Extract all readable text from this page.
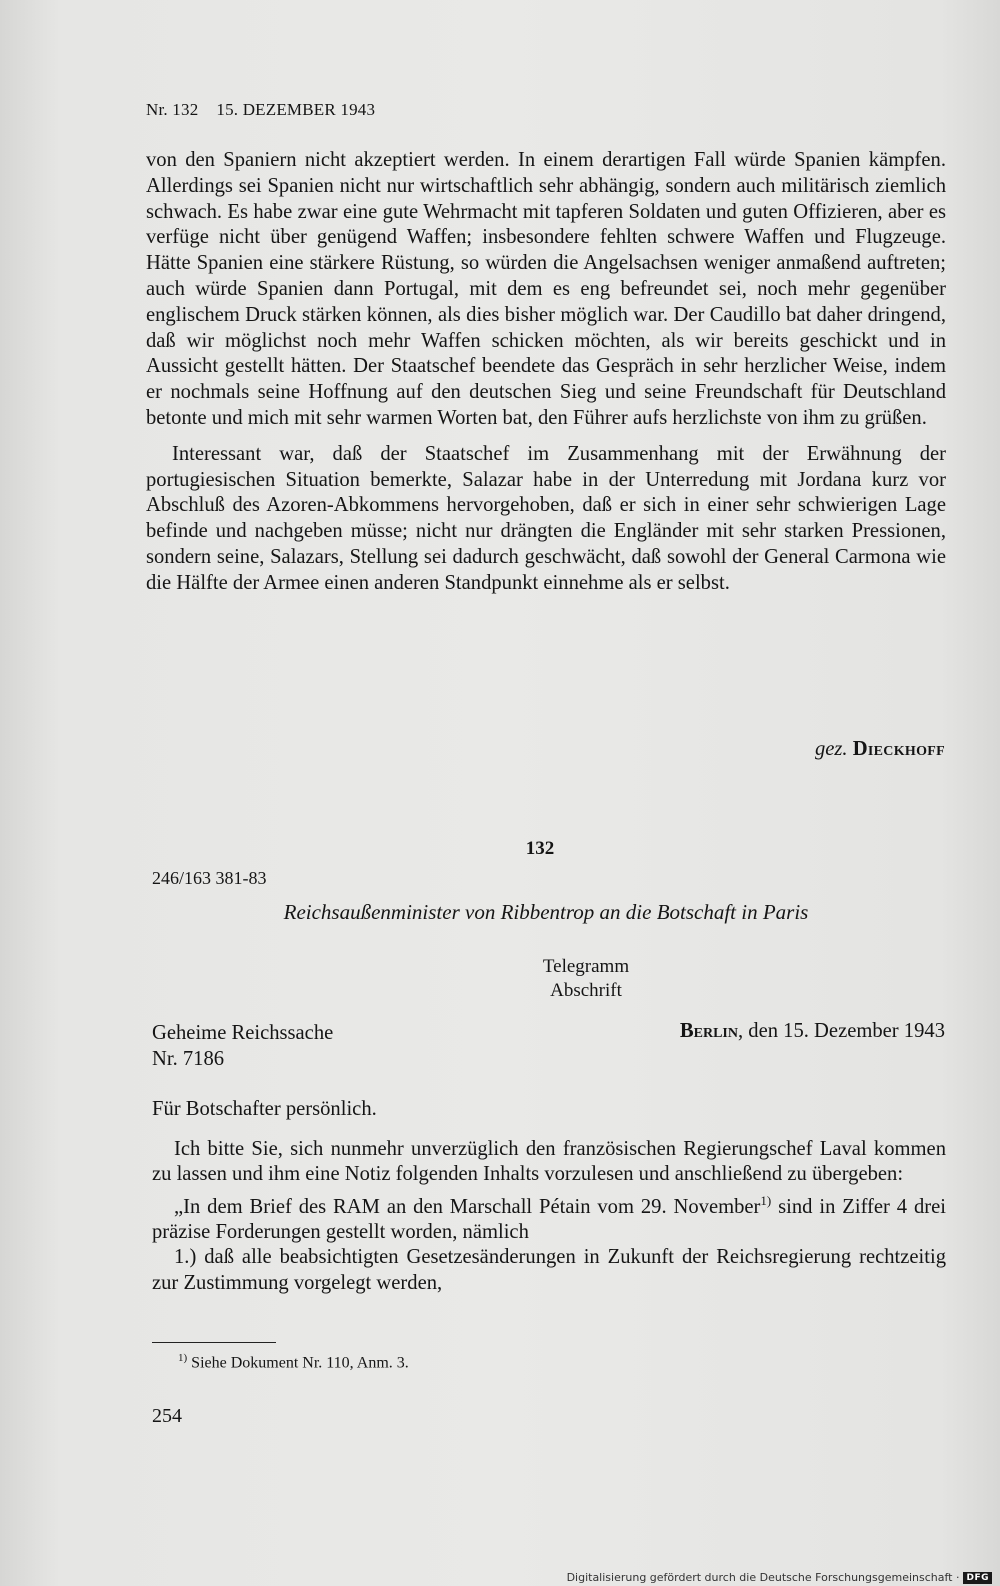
Nr. 132 15. DEZEMBER 1943

von den Spaniern nicht akzeptiert werden. In einem derartigen Fall würde Spanien kämpfen. Allerdings sei Spanien nicht nur wirtschaftlich sehr abhängig, sondern auch militärisch ziemlich schwach. Es habe zwar eine gute Wehrmacht mit tapferen Soldaten und guten Offizieren, aber es verfüge nicht über genügend Waffen; insbesondere fehlten schwere Waffen und Flugzeuge. Hätte Spanien eine stärkere Rüstung, so würden die Angelsachsen weniger anmaßend auftreten; auch würde Spanien dann Portugal, mit dem es eng befreundet sei, noch mehr gegenüber englischem Druck stärken können, als dies bisher möglich war. Der Caudillo bat daher dringend, daß wir möglichst noch mehr Waffen schicken möchten, als wir bereits geschickt und in Aussicht gestellt hätten. Der Staatschef beendete das Gespräch in sehr herzlicher Weise, indem er nochmals seine Hoffnung auf den deutschen Sieg und seine Freundschaft für Deutschland betonte und mich mit sehr warmen Worten bat, den Führer aufs herzlichste von ihm zu grüßen.

Interessant war, daß der Staatschef im Zusammenhang mit der Erwähnung der portugiesischen Situation bemerkte, Salazar habe in der Unterredung mit Jordana kurz vor Abschluß des Azoren-Abkommens hervorgehoben, daß er sich in einer sehr schwierigen Lage befinde und nachgeben müsse; nicht nur drängten die Engländer mit sehr starken Pressionen, sondern seine, Salazars, Stellung sei dadurch geschwächt, daß sowohl der General Carmona wie die Hälfte der Armee einen anderen Standpunkt einnehme als er selbst.

gez. Dieckhoff
132
246/163 381-83
Reichsaußenminister von Ribbentrop an die Botschaft in Paris
Telegramm
Abschrift
Geheime Reichssache
Nr. 7186
Berlin, den 15. Dezember 1943

Für Botschafter persönlich.

Ich bitte Sie, sich nunmehr unverzüglich den französischen Regierungschef Laval kommen zu lassen und ihm eine Notiz folgenden Inhalts vorzulesen und anschließend zu übergeben:

„In dem Brief des RAM an den Marschall Pétain vom 29. November$^{1)}$ sind in Ziffer 4 drei präzise Forderungen gestellt worden, nämlich

1.) daß alle beabsichtigten Gesetzesänderungen in Zukunft der Reichsregierung rechtzeitig zur Zustimmung vorgelegt werden,

$^{1)}$ Siehe Dokument Nr. 110, Anm. 3.
254
Digitalisierung gefördert durch die Deutsche Forschungsgemeinschaft · DFG
